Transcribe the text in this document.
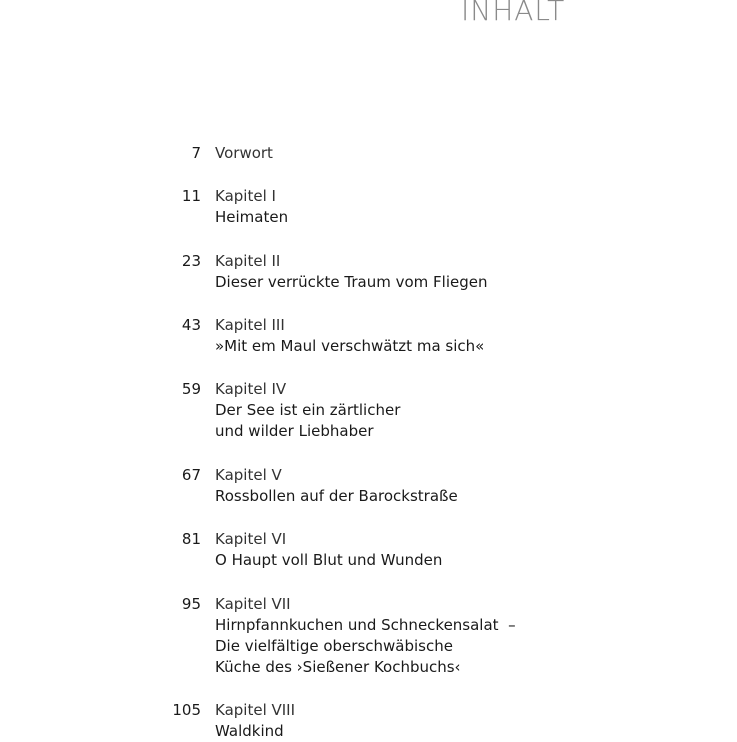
INHALT
7 Vorwort
11 Kapitel I
Heimaten
23 Kapitel II
Dieser verrückte Traum vom Fliegen
43 Kapitel III
»Mit em Maul verschwätzt ma sich«
59 Kapitel IV
Der See ist ein zärtlicher
und wilder Liebhaber
67 Kapitel V
Rossbollen auf der Barockstraße
81 Kapitel VI
O Haupt voll Blut und Wunden
95 Kapitel VII
Hirnpfannkuchen und Schneckensalat  –
Die vielfältige oberschwäbische
Küche des ›Sießener Kochbuchs‹
105 Kapitel VIII
Waldkind
